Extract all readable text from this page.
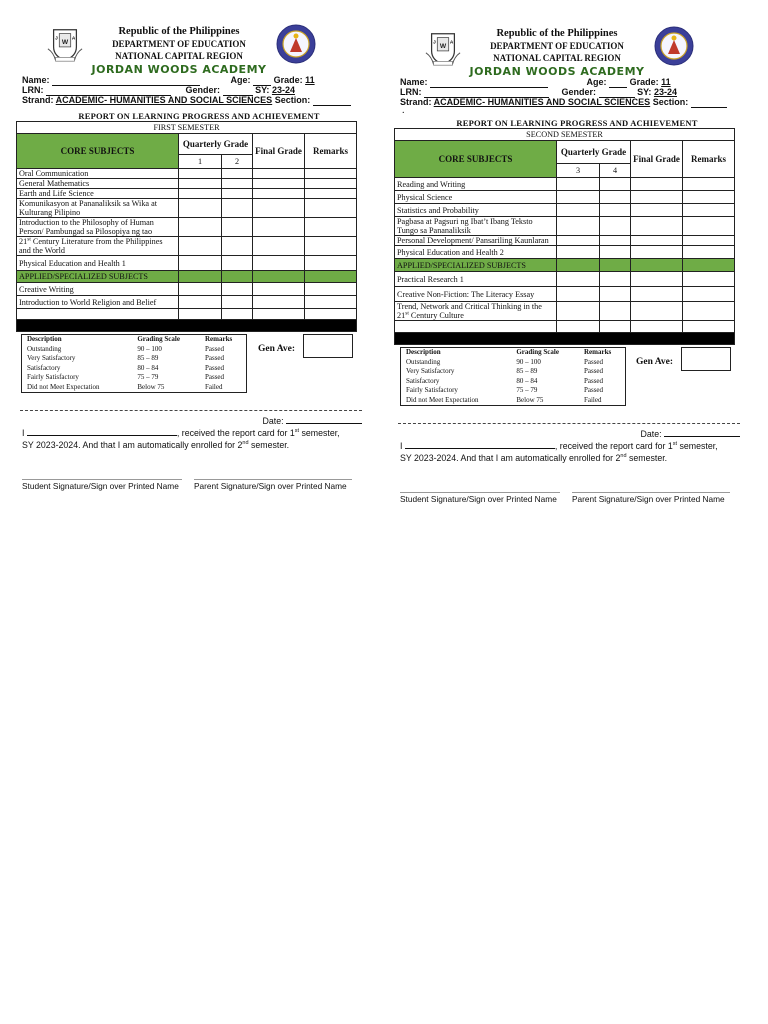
W
J	A
Republic of the Philippines
DEPARTMENT OF EDUCATION
NATIONAL CAPITAL REGION
JORDAN WOODS ACADEMY
Name:	Age:	Grade: 11
LRN:	Gender:	SY: 23-24
Strand: ACADEMIC- HUMANITIES AND SOCIAL SCIENCES Section:
REPORT ON LEARNING PROGRESS AND ACHIEVEMENT
FIRST SEMESTER				
CORE SUBJECTS	Quarterly Grade		Final Grade	Remarks
	1	2		
Oral Communication				
General Mathematics				
Earth and Life Science				
Komunikasyon at Pananaliksik sa Wika at Kulturang Pilipino				
Introduction to the Philosophy of Human Person/ Pambungad sa Pilosopiya ng tao				
21st Century Literature from the Philippines and the World				
Physical Education and Health 1				
APPLIED/SPECIALIZED SUBJECTS				
Creative Writing				
Introduction to World Religion and Belief				

Description	Grading Scale	Remarks
Outstanding	90 – 100	Passed
Very Satisfactory	85 – 89	Passed
Satisfactory	80 – 84	Passed
Fairly Satisfactory	75 – 79	Passed
Did not Meet Expectation	Below 75	Failed
Gen Ave:
Date:
I	, received the report card for 1st semester,
SY 2023-2024. And that I am automatically enrolled for 2nd semester.
Student Signature/Sign over Printed Name	Parent Signature/Sign over Printed Name
W
J	A
Republic of the Philippines
DEPARTMENT OF EDUCATION
NATIONAL CAPITAL REGION
JORDAN WOODS ACADEMY
Name:	Age:	Grade: 11
LRN:	Gender:	SY: 23-24
Strand: ACADEMIC- HUMANITIES AND SOCIAL SCIENCES Section:
.
REPORT ON LEARNING PROGRESS AND ACHIEVEMENT
SECOND SEMESTER				
CORE SUBJECTS	Quarterly Grade		Final Grade	Remarks
	3	4		
Reading and Writing				
Physical Science				
Statistics and Probability				
Pagbasa at Pagsuri ng Ibat’t Ibang Teksto Tungo sa Pananaliksik				
Personal Development/ Pansariling Kaunlaran				
Physical Education and Health 2				
APPLIED/SPECIALIZED SUBJECTS				
Practical Research 1				
Creative Non-Fiction: The Literacy Essay				
Trend, Network and Critical Thinking in the 21st Century Culture				

Description	Grading Scale	Remarks
Outstanding	90 – 100	Passed
Very Satisfactory	85 – 89	Passed
Satisfactory	80 – 84	Passed
Fairly Satisfactory	75 – 79	Passed
Did not Meet Expectation	Below 75	Failed
Gen Ave:
Date:
I	, received the report card for 1st semester,
SY 2023-2024. And that I am automatically enrolled for 2nd semester.
Student Signature/Sign over Printed Name	Parent Signature/Sign over Printed Name
